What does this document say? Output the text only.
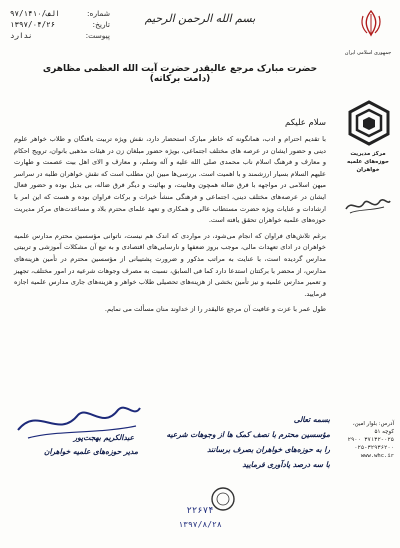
بسم الله الرحمن الرحیم
شماره:
۹۷/الف/۱۴۱۰
تاریخ:
۱۳۹۷/۰۴/۲۶
پیوست:
ندارد
جمهوری اسلامی ایران
مرکز مدیریت حوزه‌های علمیه خواهران
آدرس: بلوار امین، کوچه ۵۱
۲۹۰۰ ۳۷۱۳۲-۰۲۵
۰۲۵-۳۲۹۳۶۲۰۰
www.whc.ir
حضرت مبارک مرجع عالیقدر حضرت آیت الله العظمی مظاهری (دامت برکاته)
سلام علیکم

با تقدیم احترام و ادب، همانگونه که خاطر مبارک استحضار دارد، نقش ویژه تربیت یافتگان و طلاب خواهر علوم دینی و حضور ایشان در عرصه های مختلف اجتماعی، بویژه حضور مبلغان زن در هیئات مذهبی بانوان، ترویج احکام و معارف و فرهنگ اسلام ناب محمدی صلی الله علیه و آله وسلم، و معارف و الای اهل بیت عصمت و طهارت علیهم السلام بسیار ارزشمند و با اهمیت است. بررسی‌ها مبین این مطلب است که نقش خواهران طلبه در سراسر میهن اسلامی در مواجهه با فرق ضاله همچون وهابیت، و بهائیت و دیگر فرق ضاله، بی بدیل بوده و حضور فعال ایشان در عرصه‌های مختلف دینی، اجتماعی و فرهنگی منشأ خیرات و برکات فراوان بوده و هست که این امر با ارشادات و عنایات ویژه حضرت مستطاب عالی و همکاری و تعهد علمای محترم بلاد و مساعدت‌های مرکز مدیریت حوزه‌های علمیه خواهران تحقق یافته است.

برغم تلاش‌های فراوان که انجام می‌شود، در مواردی که اندک هم نیست، ناتوانی مؤسسین محترم مدارس علمیه خواهران در ادای تعهدات مالی، موجب بروز ضعفها و نارسایی‌های اقتصادی و به تبع آن مشکلات آموزشی و تربیتی مدارس گردیده است، با عنایت به مراتب مذکور و ضرورت پشتیبانی از مؤسسین محترم در تأمین هزینه‌های مدارس، از محضر با برکتتان استدعا دارد کما فی السابق، نسبت به مصرف وجوهات شرعیه در امور مختلف، تجهیز و تعمیر مدارس علمیه و نیز تأمین بخشی از هزینه‌های تحصیلی طلاب خواهر و هزینه‌های جاری مدارس علمیه اجازه فرمایید.

طول عمر با عزت و عافیت آن مرجع عالیقدر را از خداوند منان مسألت می نمایم.

عبدالکریم بهجت‌پور
مدیر حوزه‌های علمیه خواهران
بسمه تعالی
مؤسسین محترم با نصف کمک ها از وجوهات شرعیه
را به حوزه‌های خواهران بصرف برسانند
با سه درصد یادآوری فرمایید
۲۲۶۷۴
۱۳۹۷/۸/۲۸
